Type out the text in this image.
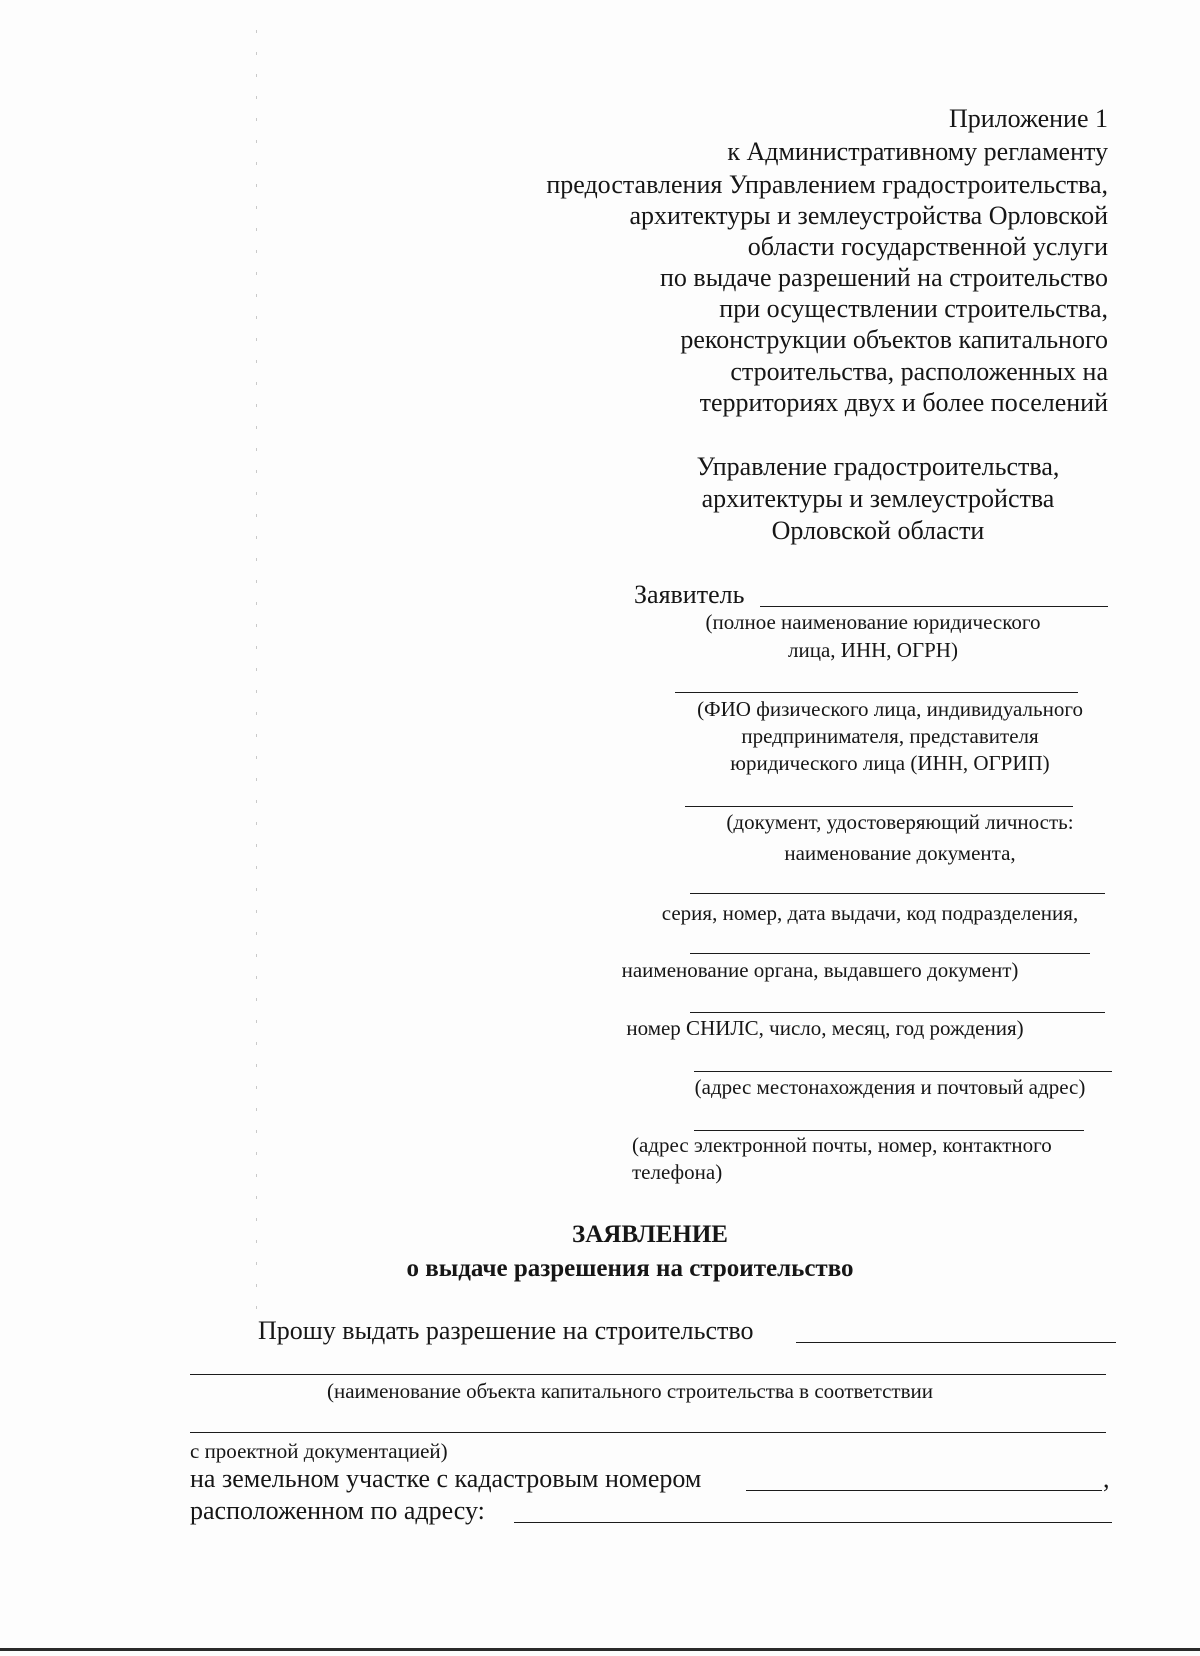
Приложение 1
к Административному регламенту
предоставления Управлением градостроительства,
архитектуры и землеустройства Орловской
области государственной услуги
по выдаче разрешений на строительство
при осуществлении строительства,
реконструкции объектов капитального
строительства, расположенных на
территориях двух и более поселений
Управление градостроительства,
архитектуры и землеустройства
Орловской области
Заявитель
(полное наименование юридического
лица, ИНН, ОГРН)
(ФИО физического лица, индивидуального
предпринимателя, представителя
юридического лица (ИНН, ОГРИП)
(документ, удостоверяющий личность:
наименование документа,
серия, номер, дата выдачи, код подразделения,
наименование органа, выдавшего документ)
номер СНИЛС, число, месяц, год рождения)
(адрес местонахождения и почтовый адрес)
(адрес электронной почты, номер, контактного
телефона)
ЗАЯВЛЕНИЕ
о выдаче разрешения на строительство
Прошу выдать разрешение на строительство
(наименование объекта капитального строительства в соответствии
с проектной документацией)
на земельном участке с кадастровым номером	,
расположенном по адресу:
